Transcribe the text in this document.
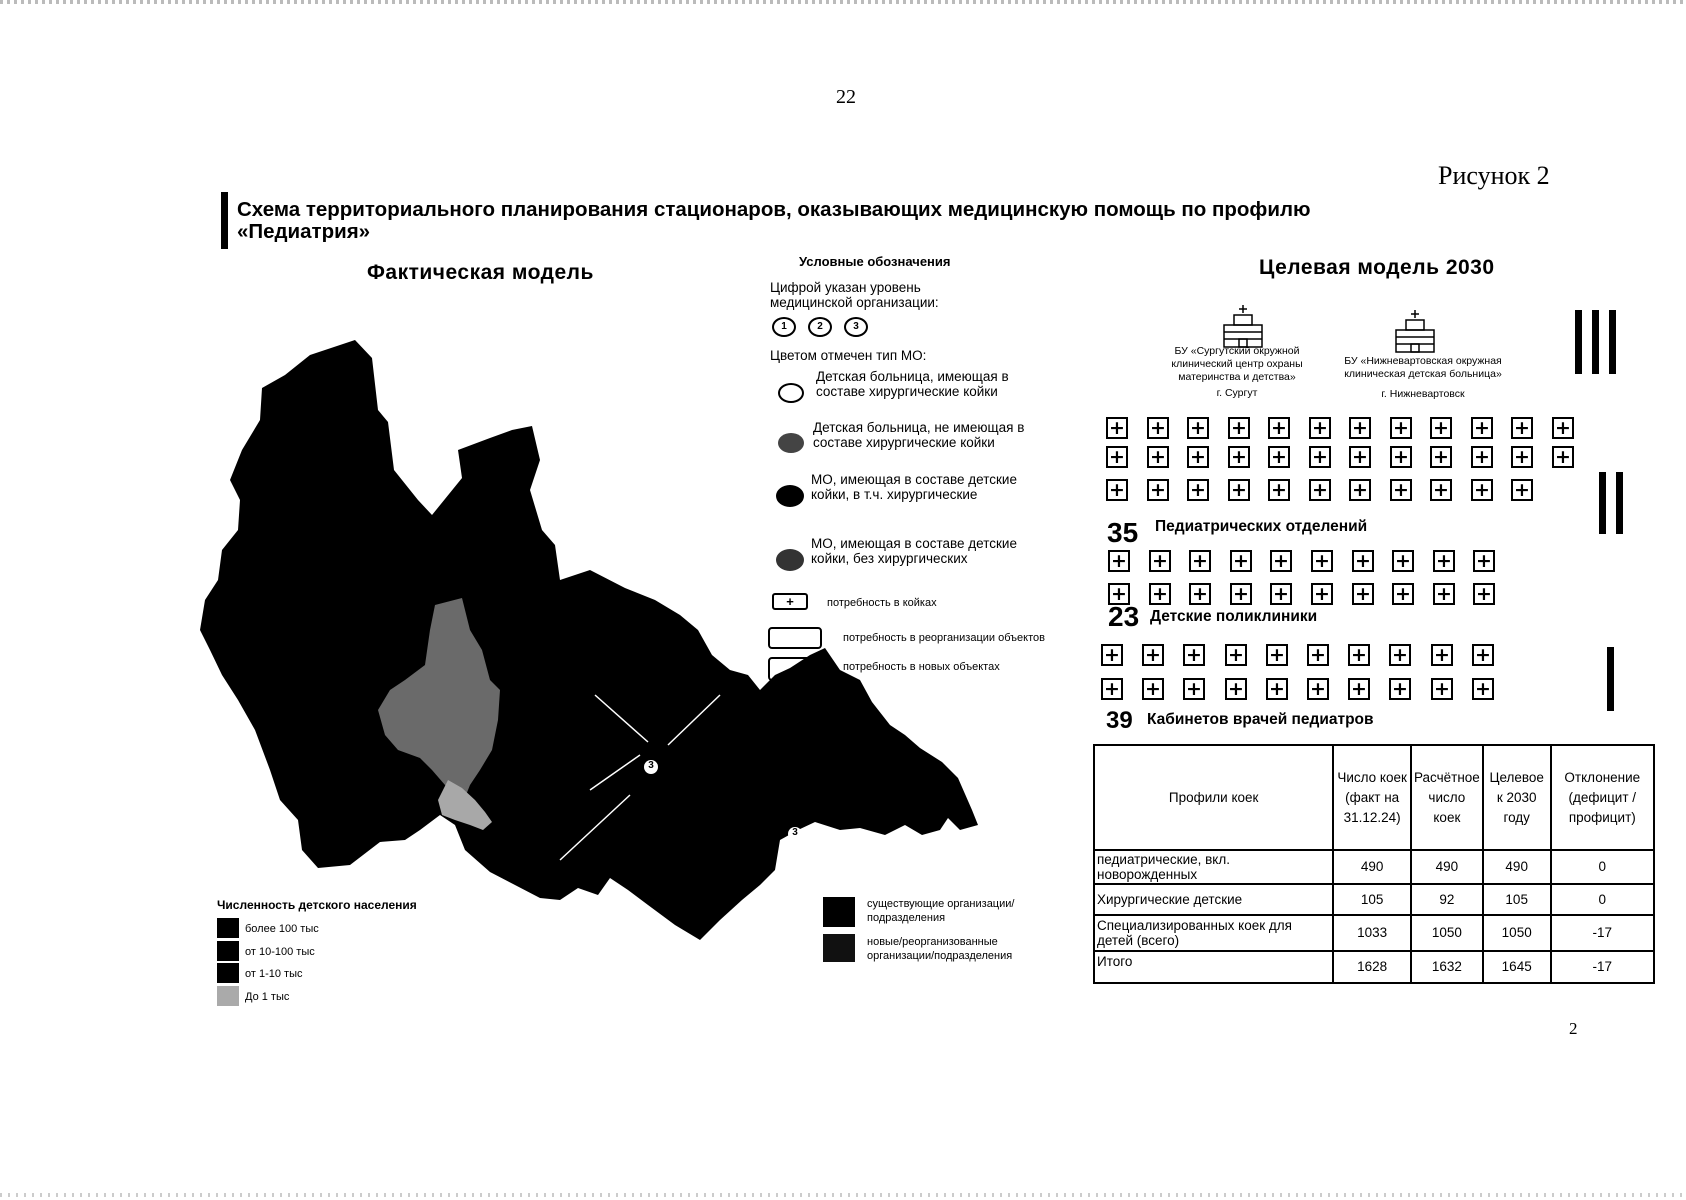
22
Рисунок 2
Схема территориального планирования стационаров, оказывающих медицинскую помощь по профилю «Педиатрия»
Фактическая модель	Целевая модель 2030
3
3
Численность детского населения
более 100 тыс
от 10-100 тыс
от 1-10 тыс
До 1 тыс
существующие организации/подразделения
новые/реорганизованные организации/подразделения
Условные обозначения
Цифрой указан уровень медицинской организации:
1	2	3
Цветом отмечен тип МО:
Детская больница, имеющая в составе хирургические койки
Детская больница, не имеющая в составе хирургические койки
МО, имеющая в составе детские койки, в т.ч. хирургические
МО, имеющая в составе детские койки, без хирургических
+	потребность в койках
потребность в реорганизации объектов
потребность в новых объектах
БУ «Сургутский окружной клинический центр охраны материнства и детства»
г. Сургут
БУ «Нижневартовская окружная клиническая детская больница»
г. Нижневартовск
+ + + + + + + + + + + +
+ + + + + + + + + + + +
+ + + + + + + + + + +
+ + + + + + + + + +
+ + + + + + + + + +
+ + + + + + + + + +
+ + + + + + + + + +
35 Педиатрических отделений
23 Детские поликлиники
39 Кабинетов врачей педиатров
Профили коек	Число коек (факт на 31.12.24)	Расчётное число коек	Целевое к 2030 году	Отклонение (дефицит / профицит)
педиатрические, вкл. новорожденных	490	490	490	0
Хирургические детские	105	92	105	0
Специализированных коек для детей (всего)	1033	1050	1050	-17
Итого	1628	1632	1645	-17
2
